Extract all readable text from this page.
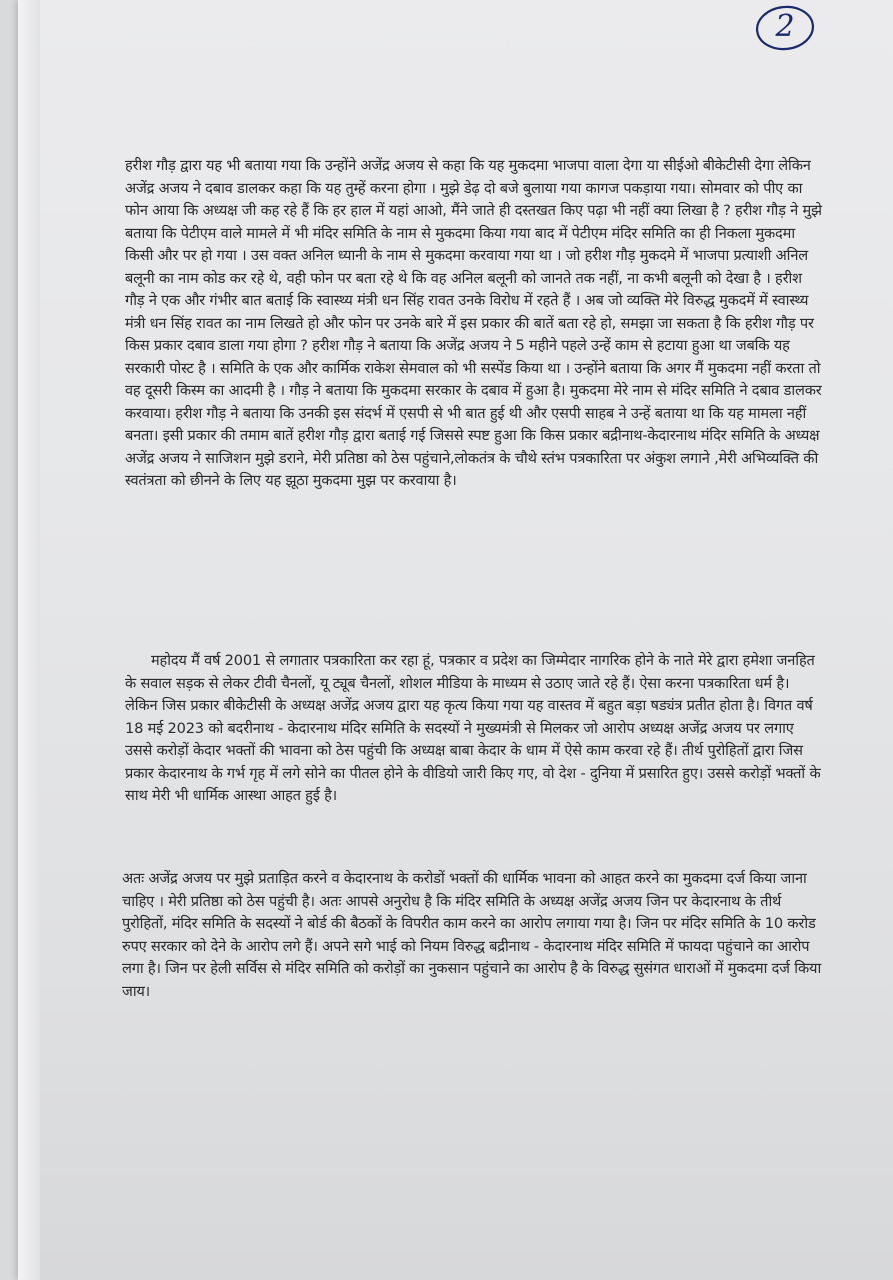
2
हरीश गौड़ द्वारा यह भी बताया गया कि उन्होंने अजेंद्र अजय से कहा कि यह मुकदमा भाजपा वाला देगा या सीईओ बीकेटीसी देगा लेकिन अजेंद्र अजय ने दबाव डालकर कहा कि यह तुम्हें करना होगा । मुझे डेढ़ दो बजे बुलाया गया कागज पकड़ाया गया। सोमवार को पीए का फोन आया कि अध्यक्ष जी कह रहे हैं कि हर हाल में यहां आओ, मैंने जाते ही दस्तखत किए पढ़ा भी नहीं क्या लिखा है ? हरीश गौड़ ने मुझे बताया कि पेटीएम वाले मामले में भी मंदिर समिति के नाम से मुकदमा किया गया बाद में पेटीएम मंदिर समिति का ही निकला मुकदमा किसी और पर हो गया । उस वक्त अनिल ध्यानी के नाम से मुकदमा करवाया गया था । जो हरीश गौड़ मुकदमे में भाजपा प्रत्याशी अनिल बलूनी का नाम कोड कर रहे थे, वही फोन पर बता रहे थे कि वह अनिल बलूनी को जानते तक नहीं, ना कभी बलूनी को देखा है । हरीश गौड़ ने एक और गंभीर बात बताई कि स्वास्थ्य मंत्री धन सिंह रावत उनके विरोध में रहते हैं । अब जो व्यक्ति मेरे विरुद्ध मुकदमें में स्वास्थ्य मंत्री धन सिंह रावत का नाम लिखते हो और फोन पर उनके बारे में इस प्रकार की बातें बता रहे हो, समझा जा सकता है कि हरीश गौड़ पर किस प्रकार दबाव डाला गया होगा ? हरीश गौड़ ने बताया कि अजेंद्र अजय ने 5 महीने पहले उन्हें काम से हटाया हुआ था जबकि यह सरकारी पोस्ट है । समिति के एक और कार्मिक राकेश सेमवाल को भी सस्पेंड किया था । उन्होंने बताया कि अगर मैं मुकदमा नहीं करता तो वह दूसरी किस्म का आदमी है । गौड़ ने बताया कि मुकदमा सरकार के दबाव में हुआ है। मुकदमा मेरे नाम से मंदिर समिति ने दबाव डालकर करवाया। हरीश गौड़ ने बताया कि उनकी इस संदर्भ में एसपी से भी बात हुई थी और एसपी साहब ने उन्हें बताया था कि यह मामला नहीं बनता। इसी प्रकार की तमाम बातें हरीश गौड़ द्वारा बताई गई जिससे स्पष्ट हुआ कि किस प्रकार बद्रीनाथ-केदारनाथ मंदिर समिति के अध्यक्ष अजेंद्र अजय ने साजिशन मुझे डराने, मेरी प्रतिष्ठा को ठेस पहुंचाने,लोकतंत्र के चौथे स्तंभ पत्रकारिता पर अंकुश लगाने ,मेरी अभिव्यक्ति की स्वतंत्रता को छीनने के लिए यह झूठा मुकदमा मुझ पर करवाया है।
महोदय मैं वर्ष 2001 से लगातार पत्रकारिता कर रहा हूं, पत्रकार व प्रदेश का जिम्मेदार नागरिक होने के नाते मेरे द्वारा हमेशा जनहित के सवाल सड़क से लेकर टीवी चैनलों, यू ट्यूब चैनलों, शोशल मीडिया के माध्यम से उठाए जाते रहे हैं। ऐसा करना पत्रकारिता धर्म है। लेकिन जिस प्रकार बीकेटीसी के अध्यक्ष अजेंद्र अजय द्वारा यह कृत्य किया गया यह वास्तव में बहुत बड़ा षड्यंत्र प्रतीत होता है। विगत वर्ष 18 मई 2023 को बदरीनाथ - केदारनाथ मंदिर समिति के सदस्यों ने मुख्यमंत्री से मिलकर जो आरोप अध्यक्ष अजेंद्र अजय पर लगाए उससे करोड़ों केदार भक्तों की भावना को ठेस पहुंची कि अध्यक्ष बाबा केदार के धाम में ऐसे काम करवा रहे हैं। तीर्थ पुरोहितों द्वारा जिस प्रकार केदारनाथ के गर्भ गृह में लगे सोने का पीतल होने के वीडियो जारी किए गए, वो देश - दुनिया में प्रसारित हुए। उससे करोड़ों भक्तों के साथ मेरी भी धार्मिक आस्था आहत हुई है।
अतः अजेंद्र अजय पर मुझे प्रताड़ित करने व केदारनाथ के करोडों भक्तों की धार्मिक भावना को आहत करने का मुकदमा दर्ज किया जाना चाहिए । मेरी प्रतिष्ठा को ठेस पहुंची है। अतः आपसे अनुरोध है कि मंदिर समिति के अध्यक्ष अजेंद्र अजय जिन पर केदारनाथ के तीर्थ पुरोहितों, मंदिर समिति के सदस्यों ने बोर्ड की बैठकों के विपरीत काम करने का आरोप लगाया गया है। जिन पर मंदिर समिति के 10 करोड रुपए सरकार को देने के आरोप लगे हैं। अपने सगे भाई को नियम विरुद्ध बद्रीनाथ - केदारनाथ मंदिर समिति में फायदा पहुंचाने का आरोप लगा है। जिन पर हेली सर्विस से मंदिर समिति को करोड़ों का नुकसान पहुंचाने का आरोप है के विरुद्ध सुसंगत धाराओं में मुकदमा दर्ज किया जाय।
